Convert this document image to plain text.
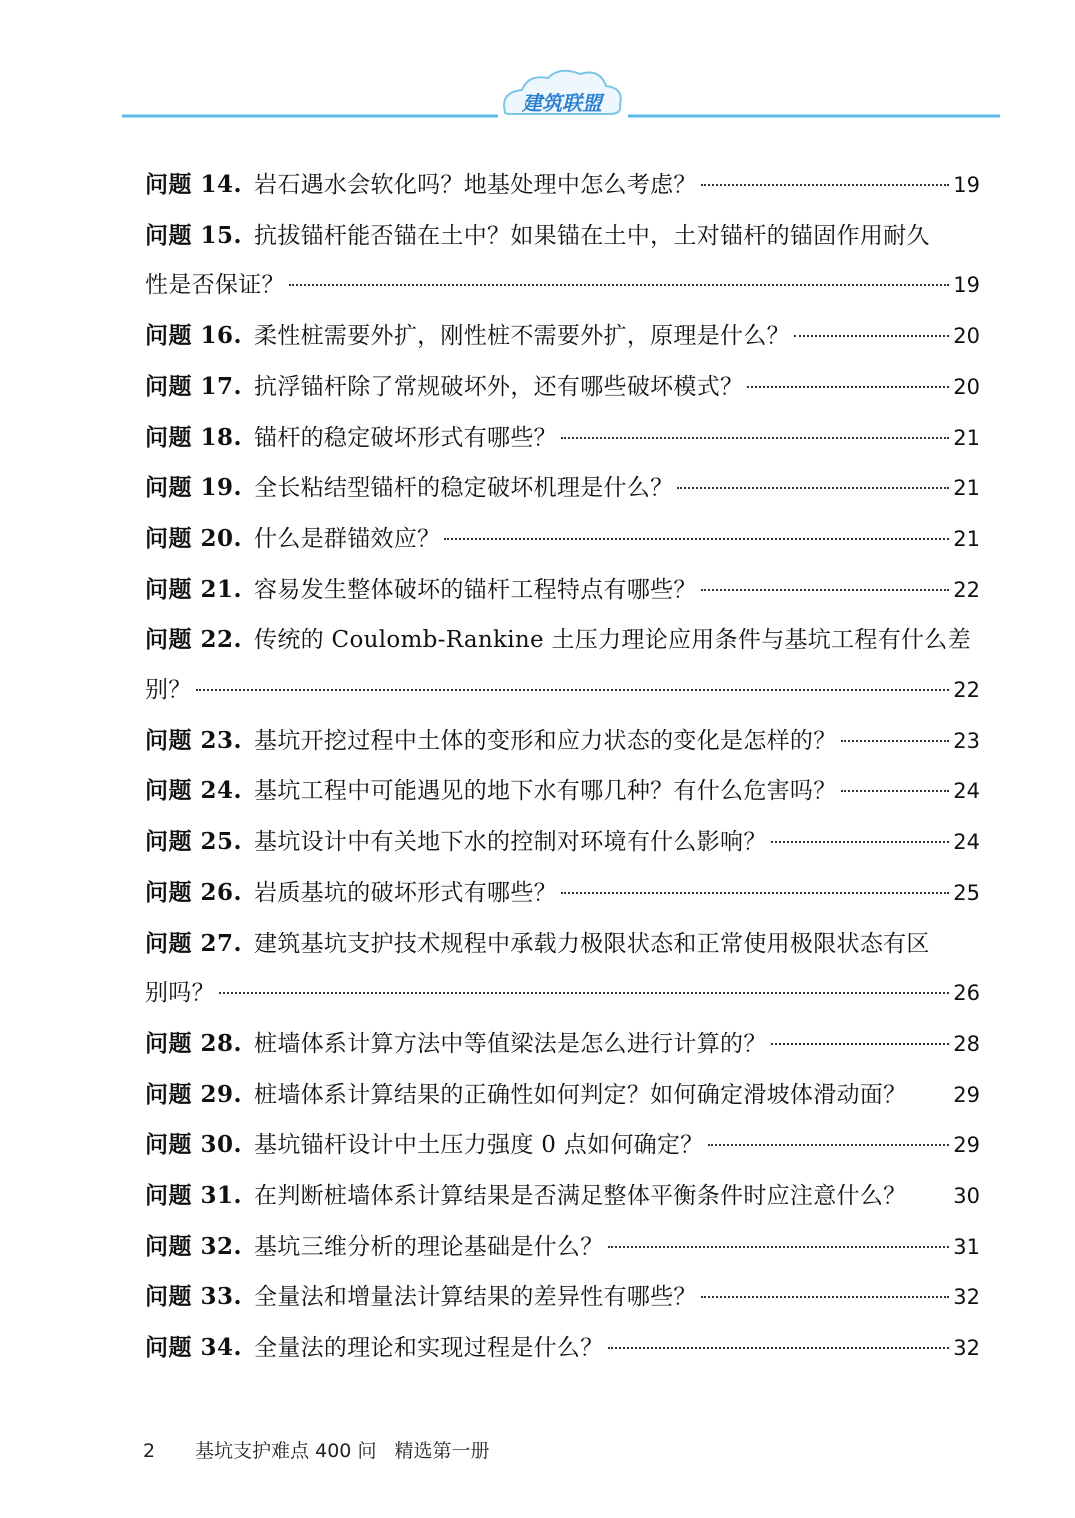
建筑联盟
问题 14. 岩石遇水会软化吗？地基处理中怎么考虑？	19
问题 15. 抗拔锚杆能否锚在土中？如果锚在土中，土对锚杆的锚固作用耐久
性是否保证？	19
问题 16. 柔性桩需要外扩，刚性桩不需要外扩，原理是什么？	20
问题 17. 抗浮锚杆除了常规破坏外，还有哪些破坏模式？	20
问题 18. 锚杆的稳定破坏形式有哪些？	21
问题 19. 全长粘结型锚杆的稳定破坏机理是什么？	21
问题 20. 什么是群锚效应？	21
问题 21. 容易发生整体破坏的锚杆工程特点有哪些？	22
问题 22. 传统的 Coulomb-Rankine 土压力理论应用条件与基坑工程有什么差
别？	22
问题 23. 基坑开挖过程中土体的变形和应力状态的变化是怎样的？	23
问题 24. 基坑工程中可能遇见的地下水有哪几种？有什么危害吗？	24
问题 25. 基坑设计中有关地下水的控制对环境有什么影响？	24
问题 26. 岩质基坑的破坏形式有哪些？	25
问题 27. 建筑基坑支护技术规程中承载力极限状态和正常使用极限状态有区
别吗？	26
问题 28. 桩墙体系计算方法中等值梁法是怎么进行计算的？	28
问题 29. 桩墙体系计算结果的正确性如何判定？如何确定滑坡体滑动面？ 29
问题 30. 基坑锚杆设计中土压力强度 0 点如何确定？	29
问题 31. 在判断桩墙体系计算结果是否满足整体平衡条件时应注意什么？ 30
问题 32. 基坑三维分析的理论基础是什么？	31
问题 33. 全量法和增量法计算结果的差异性有哪些？	32
问题 34. 全量法的理论和实现过程是什么？	32
2 基坑支护难点 400 问 精选第一册
